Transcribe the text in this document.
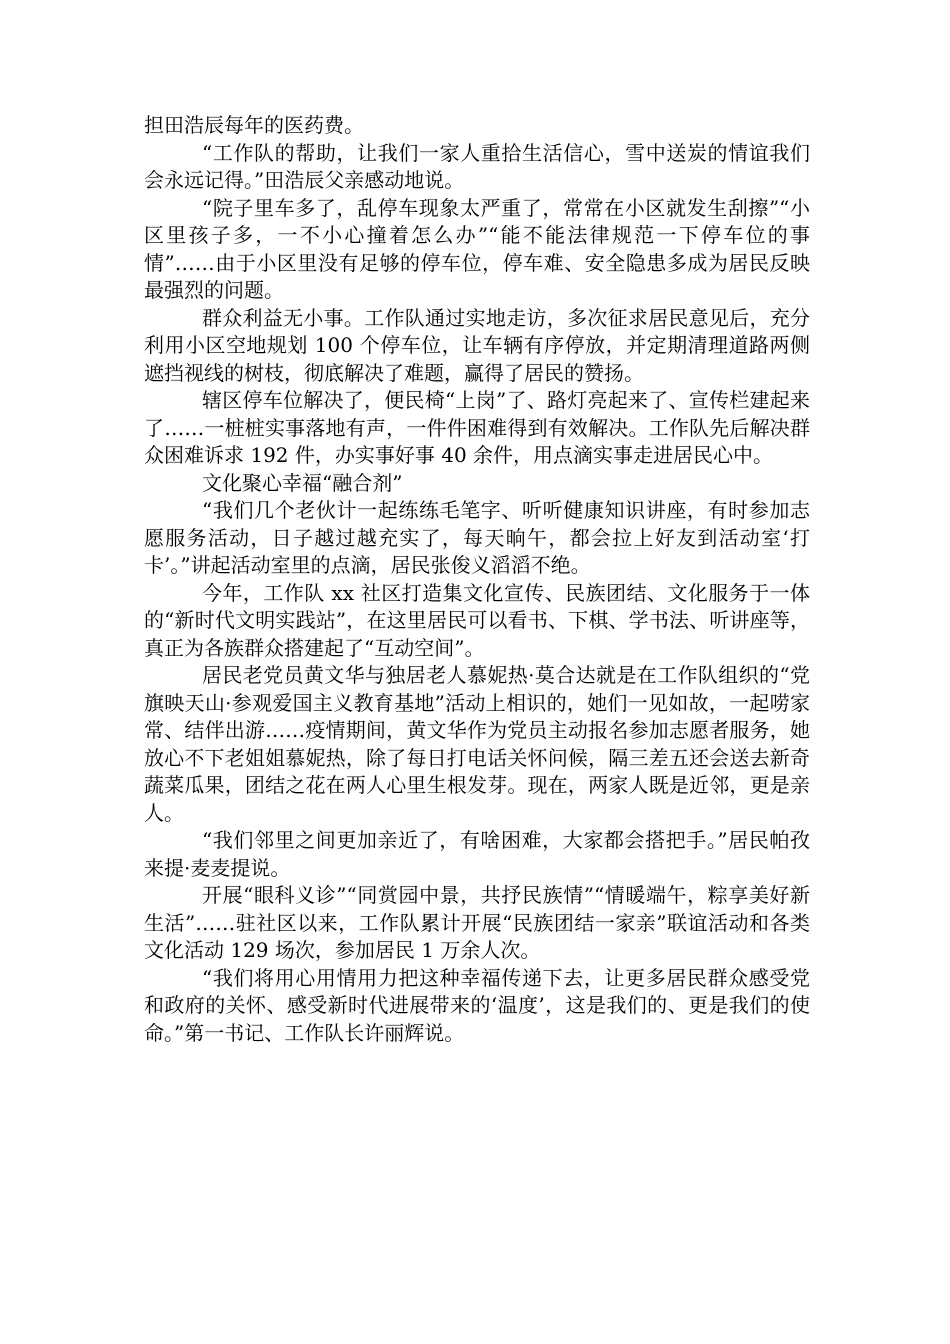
担田浩辰每年的医药费。

“工作队的帮助，让我们一家人重拾生活信心，雪中送炭的情谊我们会永远记得。”田浩辰父亲感动地说。

“院子里车多了，乱停车现象太严重了，常常在小区就发生刮擦”“小区里孩子多，一不小心撞着怎么办”“能不能法律规范一下停车位的事情”……由于小区里没有足够的停车位，停车难、安全隐患多成为居民反映最强烈的问题。

群众利益无小事。工作队通过实地走访，多次征求居民意见后，充分利用小区空地规划 100 个停车位，让车辆有序停放，并定期清理道路两侧遮挡视线的树枝，彻底解决了难题，赢得了居民的赞扬。

辖区停车位解决了，便民椅“上岗”了、路灯亮起来了、宣传栏建起来了……一桩桩实事落地有声，一件件困难得到有效解决。工作队先后解决群众困难诉求 192 件，办实事好事 40 余件，用点滴实事走进居民心中。

文化聚心幸福“融合剂”

“我们几个老伙计一起练练毛笔字、听听健康知识讲座，有时参加志愿服务活动，日子越过越充实了，每天晌午，都会拉上好友到活动室‘打卡’。”讲起活动室里的点滴，居民张俊义滔滔不绝。

今年，工作队 xx 社区打造集文化宣传、民族团结、文化服务于一体的“新时代文明实践站”，在这里居民可以看书、下棋、学书法、听讲座等，真正为各族群众搭建起了“互动空间”。

居民老党员黄文华与独居老人慕妮热·莫合达就是在工作队组织的“党旗映天山·参观爱国主义教育基地”活动上相识的，她们一见如故，一起唠家常、结伴出游……疫情期间，黄文华作为党员主动报名参加志愿者服务，她放心不下老姐姐慕妮热，除了每日打电话关怀问候，隔三差五还会送去新奇蔬菜瓜果，团结之花在两人心里生根发芽。现在，两家人既是近邻，更是亲人。

“我们邻里之间更加亲近了，有啥困难，大家都会搭把手。”居民帕孜来提·麦麦提说。

开展“眼科义诊”“同赏园中景，共抒民族情”“情暖端午，粽享美好新生活”……驻社区以来，工作队累计开展“民族团结一家亲”联谊活动和各类文化活动 129 场次，参加居民 1 万余人次。

“我们将用心用情用力把这种幸福传递下去，让更多居民群众感受党和政府的关怀、感受新时代进展带来的‘温度’，这是我们的、更是我们的使命。”第一书记、工作队长许丽辉说。
